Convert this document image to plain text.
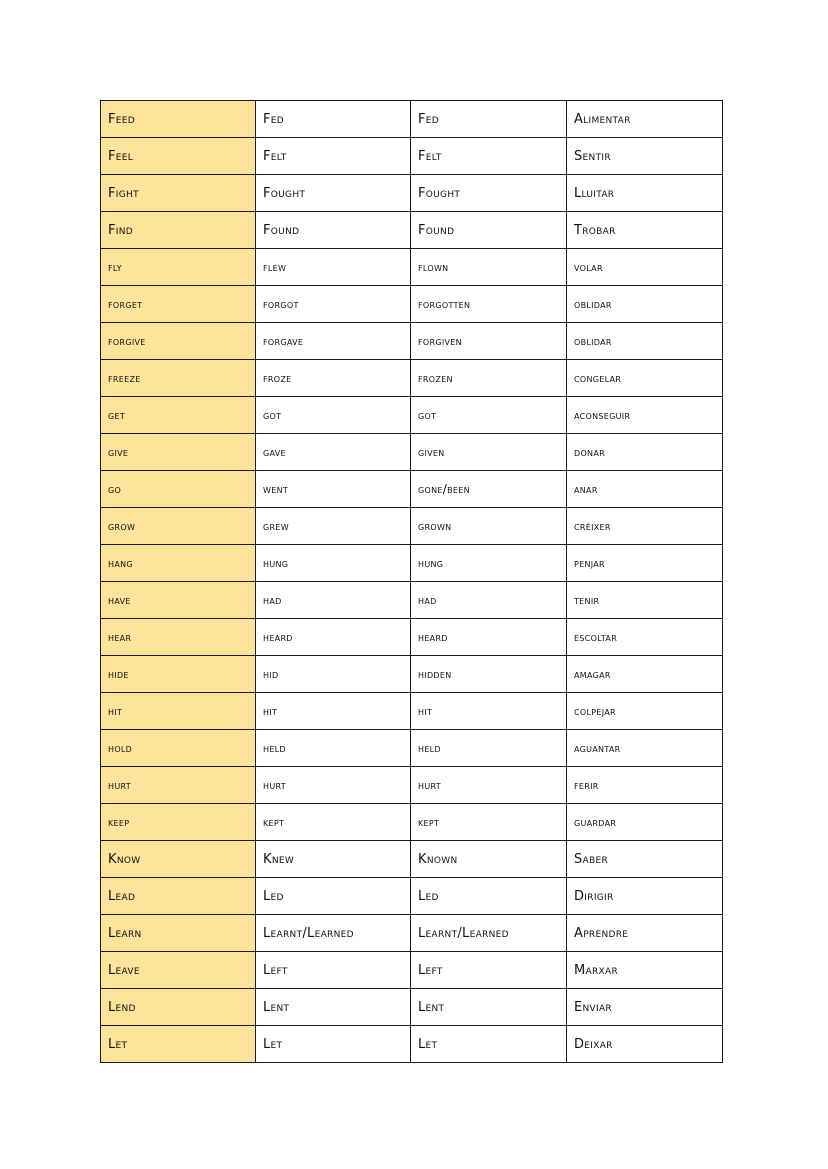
Feed	Fed	Fed	Alimentar
Feel	Felt	Felt	Sentir
Fight	Fought	Fought	Lluitar
Find	Found	Found	Trobar
fly	flew	flown	volar
forget	forgot	forgotten	oblidar
forgive	forgave	forgiven	oblidar
freeze	froze	frozen	congelar
get	got	got	aconseguir
give	gave	given	donar
go	went	gone/been	anar
grow	grew	grown	créixer
hang	hung	hung	penjar
have	had	had	tenir
hear	heard	heard	escoltar
hide	hid	hidden	amagar
hit	hit	hit	colpejar
hold	held	held	aguantar
hurt	hurt	hurt	ferir
keep	kept	kept	guardar
Know	Knew	Known	Saber
Lead	Led	Led	Dirigir
Learn	Learnt/Learned	Learnt/Learned	Aprendre
Leave	Left	Left	Marxar
Lend	Lent	Lent	Enviar
Let	Let	Let	Deixar
